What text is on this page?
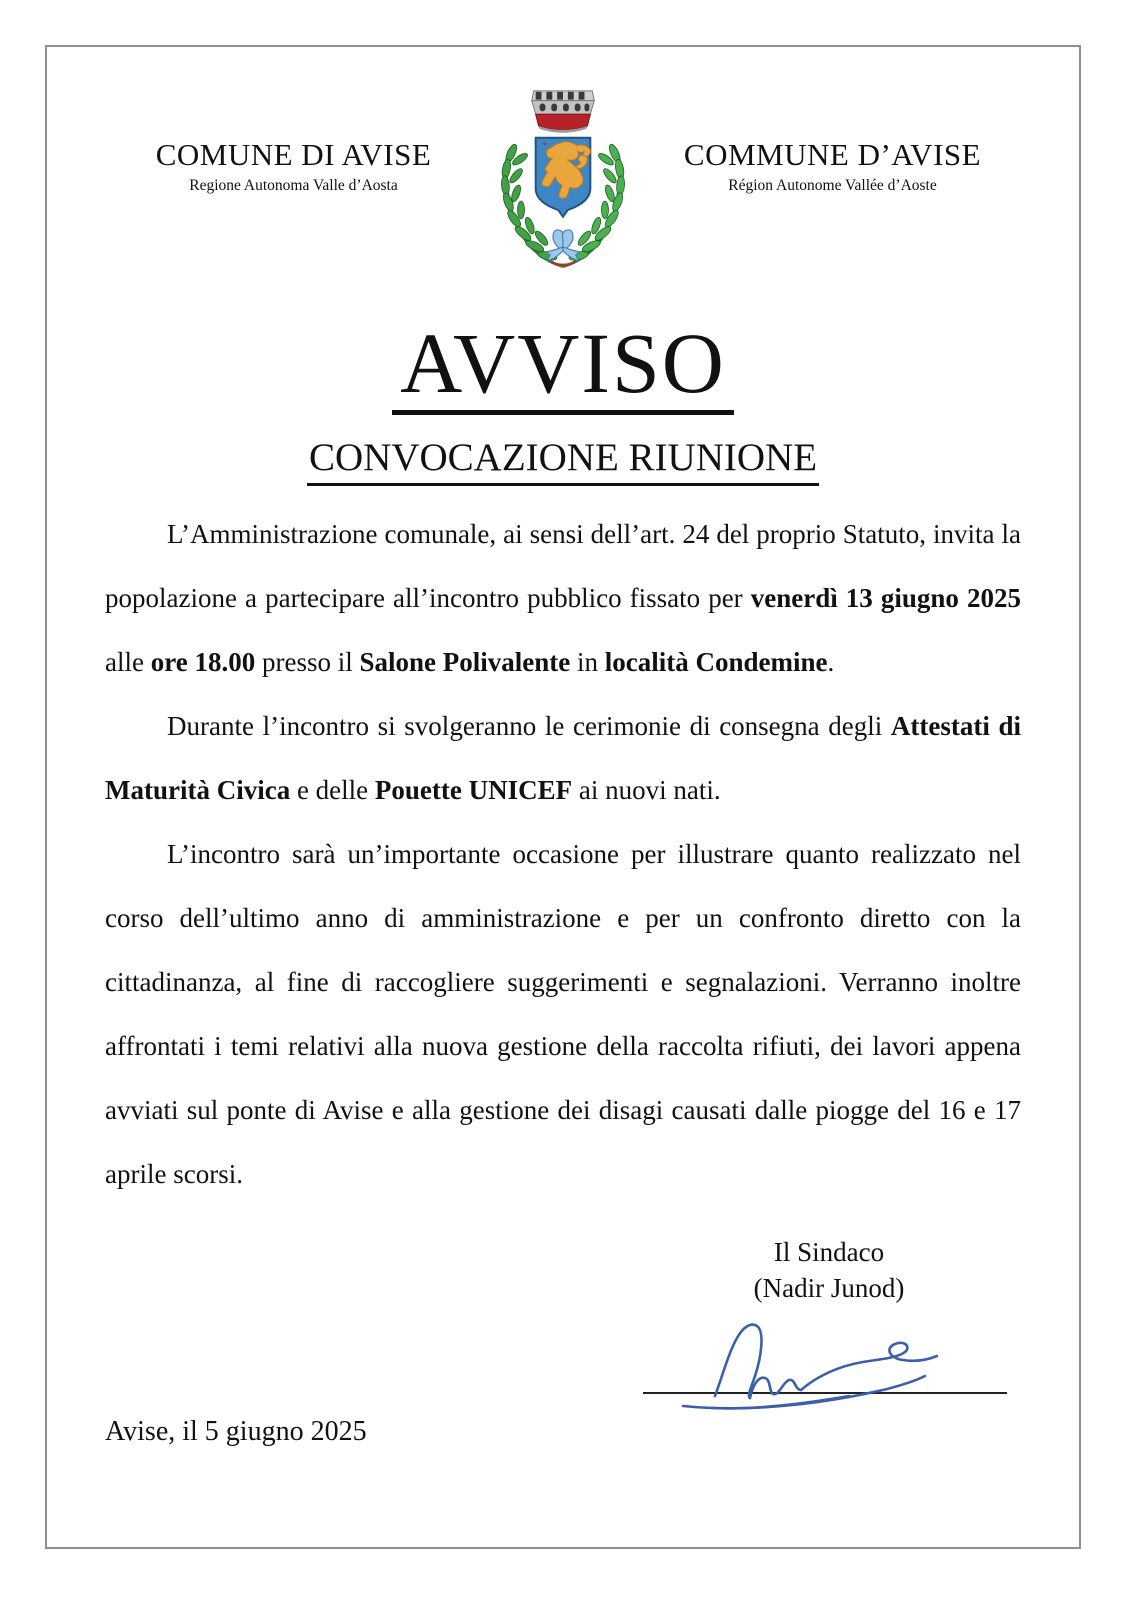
COMUNE DI AVISE
Regione Autonoma Valle d’Aosta
COMMUNE D’AVISE
Région Autonome Vallée d’Aoste
AVVISO
CONVOCAZIONE RIUNIONE

L’Amministrazione comunale, ai sensi dell’art. 24 del proprio Statuto, invita la popolazione a partecipare all’incontro pubblico fissato per venerdì 13 giugno 2025 alle ore 18.00 presso il Salone Polivalente in località Condemine.

Durante l’incontro si svolgeranno le cerimonie di consegna degli Attestati di Maturità Civica e delle Pouette UNICEF ai nuovi nati.

L’incontro sarà un’importante occasione per illustrare quanto realizzato nel corso dell’ultimo anno di amministrazione e per un confronto diretto con la cittadinanza, al fine di raccogliere suggerimenti e segnalazioni. Verranno inoltre affrontati i temi relativi alla nuova gestione della raccolta rifiuti, dei lavori appena avviati sul ponte di Avise e alla gestione dei disagi causati dalle piogge del 16 e 17 aprile scorsi.

Il Sindaco
(Nadir Junod)
Avise, il 5 giugno 2025
